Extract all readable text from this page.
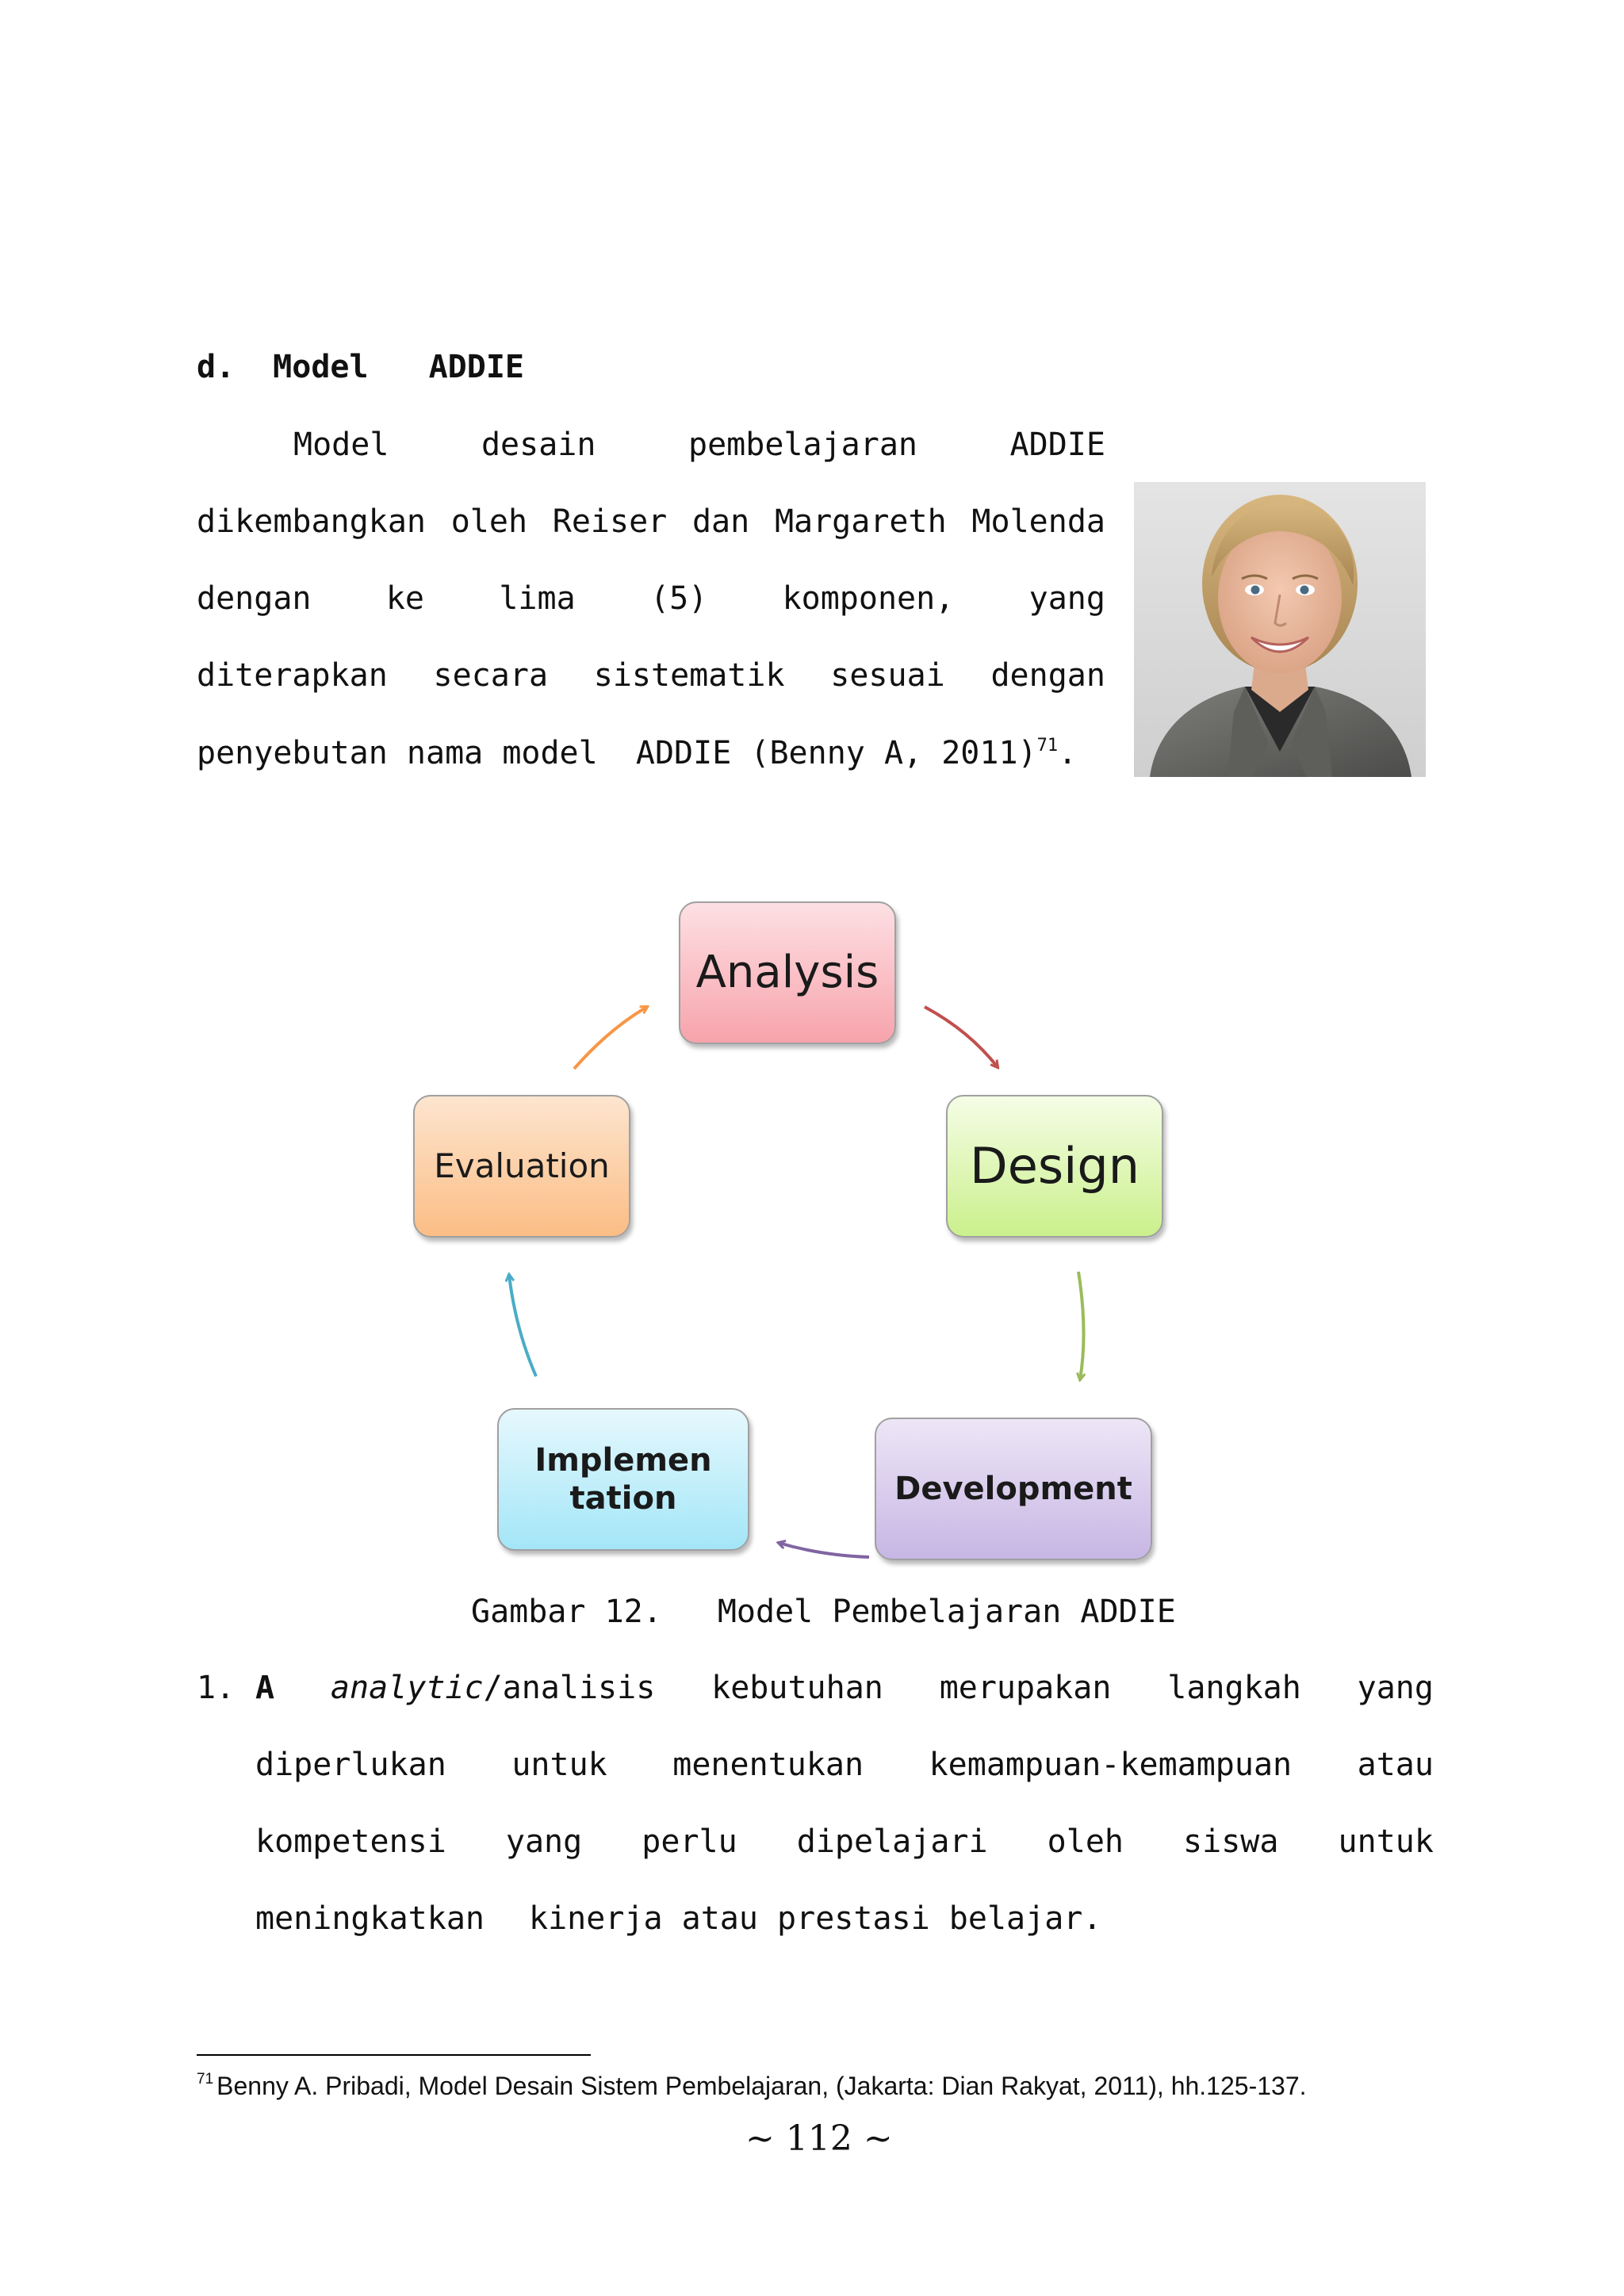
d. Model ADDIE
Model	desain	pembelajaran	ADDIE
dikembangkan oleh Reiser dan Margareth Molenda
dengan ke lima (5) komponen, yang
diterapkan secara sistematik sesuai dengan
penyebutan nama model  ADDIE (Benny A, 2011)$^{71}$.
Analysis
Design
Development
Implemen
tation
Evaluation
Gambar 12. Model Pembelajaran ADDIE
1. A analytic/analisis kebutuhan merupakan langkah yang
diperlukan untuk menentukan kemampuan-kemampuan atau
kompetensi yang perlu dipelajari oleh siswa untuk
meningkatkan kinerja atau prestasi belajar.
$^{71}$ Benny A. Pribadi, Model Desain Sistem Pembelajaran, (Jakarta: Dian Rakyat, 2011), hh.125-137.
~ 112 ~
